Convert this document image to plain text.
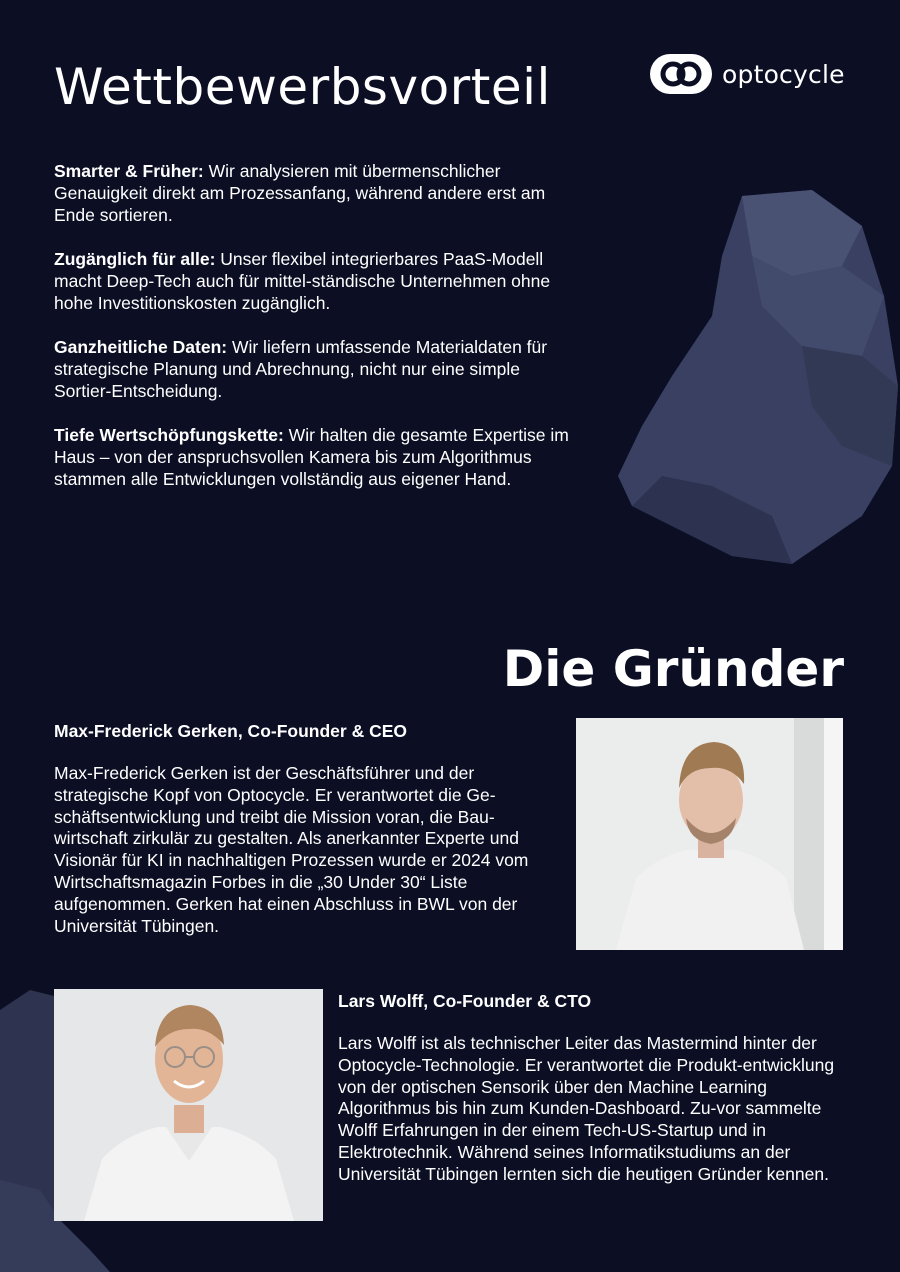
Wettbewerbsvorteil	optocycle

Smarter & Früher: Wir analysieren mit übermenschlicher Genauigkeit direkt am Prozessanfang, während andere erst am Ende sortieren.

Zugänglich für alle: Unser flexibel integrierbares PaaS-Modell macht Deep-Tech auch für mittel-ständische Unternehmen ohne hohe Investitionskosten zugänglich.

Ganzheitliche Daten: Wir liefern umfassende Materialdaten für strategische Planung und Abrechnung, nicht nur eine simple Sortier-Entscheidung.

Tiefe Wertschöpfungskette: Wir halten die gesamte Expertise im Haus – von der anspruchsvollen Kamera bis zum Algorithmus stammen alle Entwicklungen vollständig aus eigener Hand.

Die Gründer

Max-Frederick Gerken, Co-Founder & CEO

Max-Frederick Gerken ist der Geschäftsführer und der strategische Kopf von Optocycle. Er verantwortet die Ge-schäftsentwicklung und treibt die Mission voran, die Bau-wirtschaft zirkulär zu gestalten. Als anerkannter Experte und Visionär für KI in nachhaltigen Prozessen wurde er 2024 vom Wirtschaftsmagazin Forbes in die „30 Under 30“ Liste aufgenommen. Gerken hat einen Abschluss in BWL von der Universität Tübingen.

Lars Wolff, Co-Founder & CTO

Lars Wolff ist als technischer Leiter das Mastermind hinter der Optocycle-Technologie. Er verantwortet die Produkt-entwicklung von der optischen Sensorik über den Machine Learning Algorithmus bis hin zum Kunden-Dashboard. Zu-vor sammelte Wolff Erfahrungen in der einem Tech-US-Startup und in Elektrotechnik. Während seines Informatikstudiums an der Universität Tübingen lernten sich die heutigen Gründer kennen.
